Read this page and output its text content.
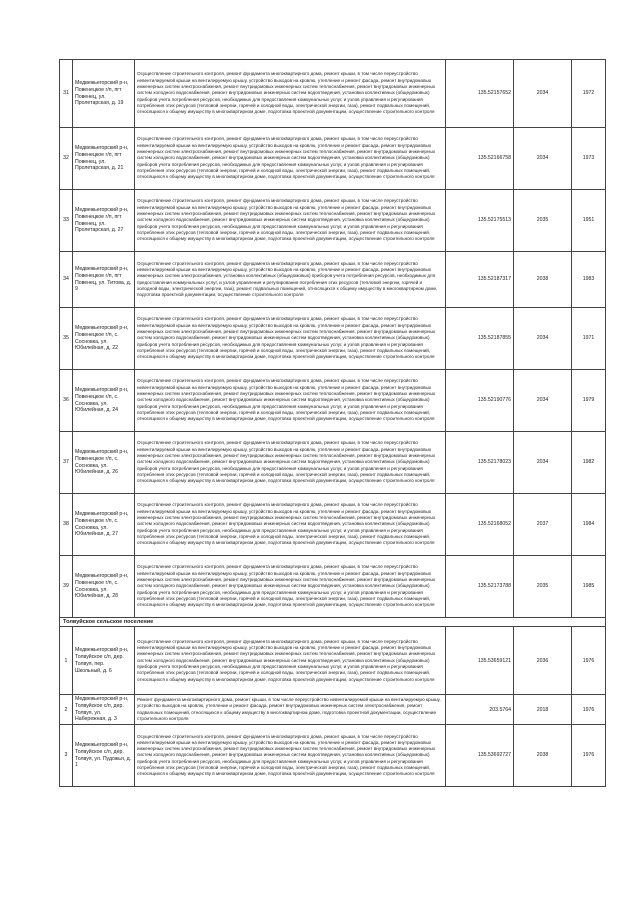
31	Медвежьегорский р-н, Повенецкое г/п, пгт Повенец, ул. Пролетарская, д. 19	Осуществление строительного контроля, ремонт фундамента многоквартирного дома, ремонт крыши, в том числе переустройство невентилируемой крыши на вентилируемую крышу, устройство выходов на кровлю, утепление и ремонт фасада, ремонт внутридомовых инженерных систем электроснабжения, ремонт внутридомовых инженерных систем теплоснабжения, ремонт внутридомовых инженерных систем холодного водоснабжения, ремонт внутридомовых инженерных систем водоотведения, установка коллективных (общедомовых) приборов учета потребления ресурсов, необходимых для предоставления коммунальных услуг, и узлов управления и регулирования потребления этих ресурсов (тепловой энергии, горячей и холодной воды, электрической энергии, газа), ремонт подвальных помещений, относящихся к общему имуществу в многоквартирном доме, подготовка проектной документации, осуществление строительного контроля	135.52157652	2034	1972
32	Медвежьегорский р-н, Повенецкое г/п, пгт Повенец, ул. Пролетарская, д. 21	Осуществление строительного контроля, ремонт фундамента многоквартирного дома, ремонт крыши, в том числе переустройство невентилируемой крыши на вентилируемую крышу, устройство выходов на кровлю, утепление и ремонт фасада, ремонт внутридомовых инженерных систем электроснабжения, ремонт внутридомовых инженерных систем теплоснабжения, ремонт внутридомовых инженерных систем холодного водоснабжения, ремонт внутридомовых инженерных систем водоотведения, установка коллективных (общедомовых) приборов учета потребления ресурсов, необходимых для предоставления коммунальных услуг, и узлов управления и регулирования потребления этих ресурсов (тепловой энергии, горячей и холодной воды, электрической энергии, газа), ремонт подвальных помещений, относящихся к общему имуществу в многоквартирном доме, подготовка проектной документации, осуществление строительного контроля	135.52166758	2034	1973
33	Медвежьегорский р-н, Повенецкое г/п, пгт Повенец, ул. Пролетарская, д. 27	Осуществление строительного контроля, ремонт фундамента многоквартирного дома, ремонт крыши, в том числе переустройство невентилируемой крыши на вентилируемую крышу, устройство выходов на кровлю, утепление и ремонт фасада, ремонт внутридомовых инженерных систем электроснабжения, ремонт внутридомовых инженерных систем теплоснабжения, ремонт внутридомовых инженерных систем холодного водоснабжения, ремонт внутридомовых инженерных систем водоотведения, установка коллективных (общедомовых) приборов учета потребления ресурсов, необходимых для предоставления коммунальных услуг, и узлов управления и регулирования потребления этих ресурсов (тепловой энергии, горячей и холодной воды, электрической энергии, газа), ремонт подвальных помещений, относящихся к общему имуществу в многоквартирном доме, подготовка проектной документации, осуществление строительного контроля	135.52175513	2035	1951
34	Медвежьегорский р-н, Повенецкое г/п, пгт Повенец, ул. Титова, д. 9	Осуществление строительного контроля, ремонт фундамента многоквартирного дома, ремонт крыши, в том числе переустройство невентилируемой крыши на вентилируемую крышу, устройство выходов на кровлю, утепление и ремонт фасада, ремонт внутридомовых инженерных систем электроснабжения, установка коллективных (общедомовых) приборов учета потребления ресурсов, необходимых для предоставления коммунальных услуг, и узлов управления и регулирования потребления этих ресурсов (тепловой энергии, горячей и холодной воды, электрической энергии, газа), ремонт подвальных помещений, относящихся к общему имуществу в многоквартирном доме, подготовка проектной документации, осуществление строительного контроля	135.52187317	2038	1983
35	Медвежьегорский р-н, Повенецкое г/п, с. Сосновка, ул. Юбилейная, д. 22	Осуществление строительного контроля, ремонт фундамента многоквартирного дома, ремонт крыши, в том числе переустройство невентилируемой крыши на вентилируемую крышу, устройство выходов на кровлю, утепление и ремонт фасада, ремонт внутридомовых инженерных систем электроснабжения, ремонт внутридомовых инженерных систем теплоснабжения, ремонт внутридомовых инженерных систем холодного водоснабжения, ремонт внутридомовых инженерных систем водоотведения, установка коллективных (общедомовых) приборов учета потребления ресурсов, необходимых для предоставления коммунальных услуг, и узлов управления и регулирования потребления этих ресурсов (тепловой энергии, горячей и холодной воды, электрической энергии, газа), ремонт подвальных помещений, относящихся к общему имуществу в многоквартирном доме, подготовка проектной документации, осуществление строительного контроля	135.52187855	2034	1971
36	Медвежьегорский р-н, Повенецкое г/п, с. Сосновка, ул. Юбилейная, д. 24	Осуществление строительного контроля, ремонт фундамента многоквартирного дома, ремонт крыши, в том числе переустройство невентилируемой крыши на вентилируемую крышу, устройство выходов на кровлю, утепление и ремонт фасада, ремонт внутридомовых инженерных систем электроснабжения, ремонт внутридомовых инженерных систем теплоснабжения, ремонт внутридомовых инженерных систем холодного водоснабжения, ремонт внутридомовых инженерных систем водоотведения, установка коллективных (общедомовых) приборов учета потребления ресурсов, необходимых для предоставления коммунальных услуг, и узлов управления и регулирования потребления этих ресурсов (тепловой энергии, горячей и холодной воды, электрической энергии, газа), ремонт подвальных помещений, относящихся к общему имуществу в многоквартирном доме, подготовка проектной документации, осуществление строительного контроля	135.52190776	2034	1979
37	Медвежьегорский р-н, Повенецкое г/п, с. Сосновка, ул. Юбилейная, д. 26	Осуществление строительного контроля, ремонт фундамента многоквартирного дома, ремонт крыши, в том числе переустройство невентилируемой крыши на вентилируемую крышу, устройство выходов на кровлю, утепление и ремонт фасада, ремонт внутридомовых инженерных систем электроснабжения, ремонт внутридомовых инженерных систем теплоснабжения, ремонт внутридомовых инженерных систем холодного водоснабжения, ремонт внутридомовых инженерных систем водоотведения, установка коллективных (общедомовых) приборов учета потребления ресурсов, необходимых для предоставления коммунальных услуг, и узлов управления и регулирования потребления этих ресурсов (тепловой энергии, горячей и холодной воды, электрической энергии, газа), ремонт подвальных помещений, относящихся к общему имуществу в многоквартирном доме, подготовка проектной документации, осуществление строительного контроля	135.52178023	2034	1982
38	Медвежьегорский р-н, Повенецкое г/п, с. Сосновка, ул. Юбилейная, д. 27	Осуществление строительного контроля, ремонт фундамента многоквартирного дома, ремонт крыши, в том числе переустройство невентилируемой крыши на вентилируемую крышу, устройство выходов на кровлю, утепление и ремонт фасада, ремонт внутридомовых инженерных систем электроснабжения, ремонт внутридомовых инженерных систем теплоснабжения, ремонт внутридомовых инженерных систем холодного водоснабжения, ремонт внутридомовых инженерных систем водоотведения, установка коллективных (общедомовых) приборов учета потребления ресурсов, необходимых для предоставления коммунальных услуг, и узлов управления и регулирования потребления этих ресурсов (тепловой энергии, горячей и холодной воды, электрической энергии, газа), ремонт подвальных помещений, относящихся к общему имуществу в многоквартирном доме, подготовка проектной документации, осуществление строительного контроля	135.52168052	2037	1984
39	Медвежьегорский р-н, Повенецкое г/п, с. Сосновка, ул. Юбилейная, д. 28	Осуществление строительного контроля, ремонт фундамента многоквартирного дома, ремонт крыши, в том числе переустройство невентилируемой крыши на вентилируемую крышу, устройство выходов на кровлю, утепление и ремонт фасада, ремонт внутридомовых инженерных систем электроснабжения, ремонт внутридомовых инженерных систем теплоснабжения, ремонт внутридомовых инженерных систем холодного водоснабжения, ремонт внутридомовых инженерных систем водоотведения, установка коллективных (общедомовых) приборов учета потребления ресурсов, необходимых для предоставления коммунальных услуг, и узлов управления и регулирования потребления этих ресурсов (тепловой энергии, горячей и холодной воды, электрической энергии, газа), ремонт подвальных помещений, относящихся к общему имуществу в многоквартирном доме, подготовка проектной документации, осуществление строительного контроля	135.52173788	2035	1985
Толвуйское сельское поселение					
1	Медвежьегорский р-н, Толвуйское с/п, дер. Толвуя, пер. Школьный, д. 6	Осуществление строительного контроля, ремонт фундамента многоквартирного дома, ремонт крыши, в том числе переустройство невентилируемой крыши на вентилируемую крышу, устройство выходов на кровлю, утепление и ремонт фасада, ремонт внутридомовых инженерных систем электроснабжения, ремонт внутридомовых инженерных систем теплоснабжения, ремонт внутридомовых инженерных систем холодного водоснабжения, ремонт внутридомовых инженерных систем водоотведения, установка коллективных (общедомовых) приборов учета потребления ресурсов, необходимых для предоставления коммунальных услуг, и узлов управления и регулирования потребления этих ресурсов (тепловой энергии, горячей и холодной воды, электрической энергии, газа), ремонт подвальных помещений, относящихся к общему имуществу в многоквартирном доме, подготовка проектной документации, осуществление строительного контроля	135.53659121	2036	1976
2	Медвежьегорский р-н, Толвуйское с/п, дер. Толвуя, ул. Набережная, д. 3	Ремонт фундамента многоквартирного дома, ремонт крыши, в том числе переустройство невентилируемой крыши на вентилируемую крышу, устройство выходов на кровлю, утепление и ремонт фасада, ремонт внутридомовых инженерных систем электроснабжения, ремонт подвальных помещений, относящихся к общему имуществу в многоквартирном доме, подготовка проектной документации, осуществление строительного контроля	203.5764	2018	1976
3	Медвежьегорский р-н, Толвуйское с/п, дер. Толвуя, ул. Пудожья, д. 1	Осуществление строительного контроля, ремонт фундамента многоквартирного дома, ремонт крыши, в том числе переустройство невентилируемой крыши на вентилируемую крышу, устройство выходов на кровлю, утепление и ремонт фасада, ремонт внутридомовых инженерных систем электроснабжения, ремонт внутридомовых инженерных систем теплоснабжения, ремонт внутридомовых инженерных систем холодного водоснабжения, ремонт внутридомовых инженерных систем водоотведения, установка коллективных (общедомовых) приборов учета потребления ресурсов, необходимых для предоставления коммунальных услуг, и узлов управления и регулирования потребления этих ресурсов (тепловой энергии, горячей и холодной воды, электрической энергии, газа), ремонт подвальных помещений, относящихся к общему имуществу в многоквартирном доме, подготовка проектной документации, осуществление строительного контроля	135.53692727	2038	1976
